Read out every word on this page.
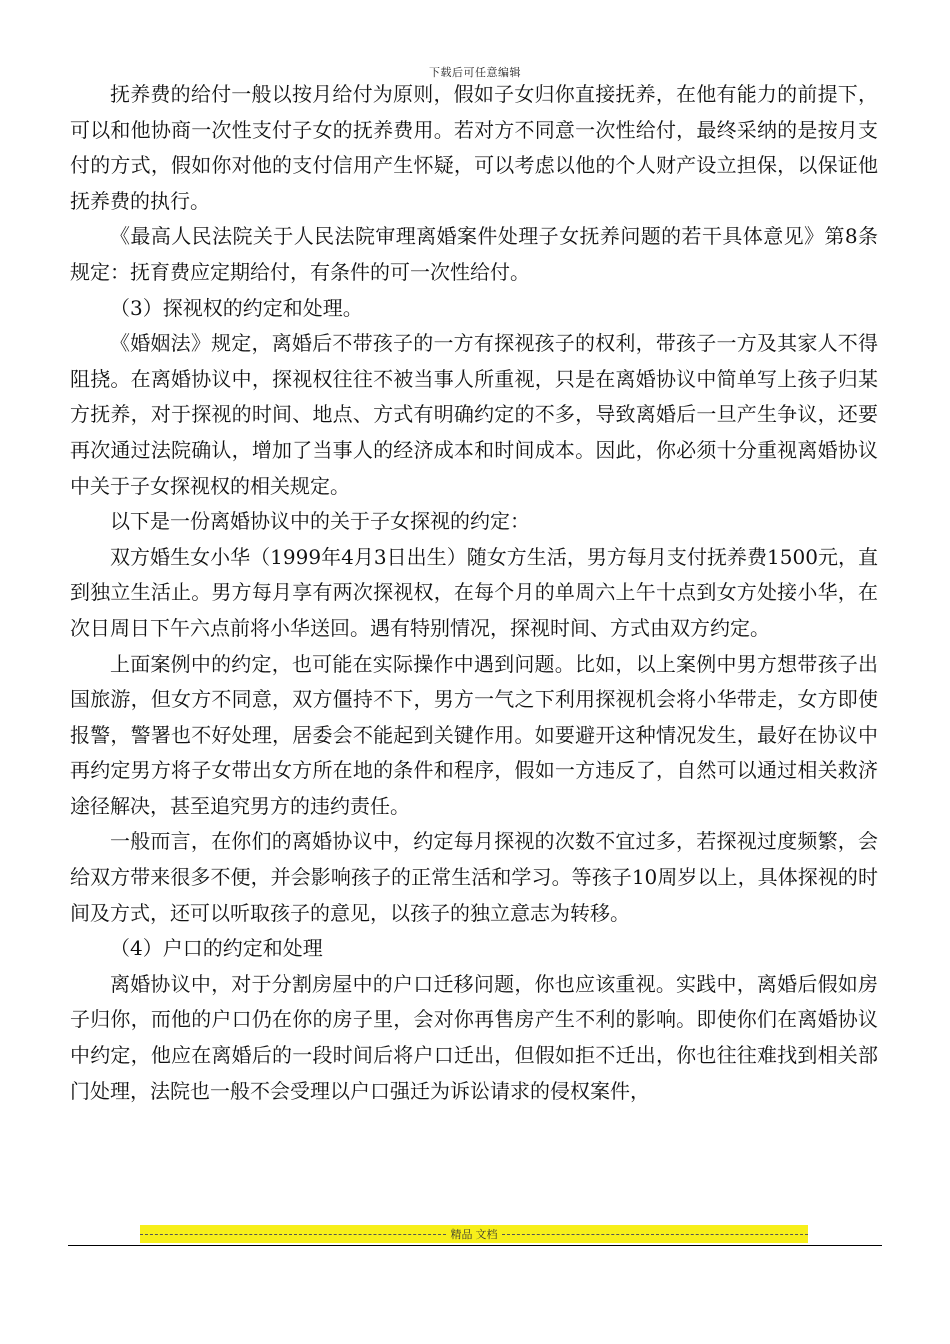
下载后可任意编辑

抚养费的给付一般以按月给付为原则，假如子女归你直接抚养，在他有能力的前提下，可以和他协商一次性支付子女的抚养费用。若对方不同意一次性给付，最终采纳的是按月支付的方式，假如你对他的支付信用产生怀疑，可以考虑以他的个人财产设立担保，以保证他抚养费的执行。

《最高人民法院关于人民法院审理离婚案件处理子女抚养问题的若干具体意见》第8条规定：抚育费应定期给付，有条件的可一次性给付。

（3）探视权的约定和处理。

《婚姻法》规定，离婚后不带孩子的一方有探视孩子的权利，带孩子一方及其家人不得阻挠。在离婚协议中，探视权往往不被当事人所重视，只是在离婚协议中简单写上孩子归某方抚养，对于探视的时间、地点、方式有明确约定的不多，导致离婚后一旦产生争议，还要再次通过法院确认，增加了当事人的经济成本和时间成本。因此，你必须十分重视离婚协议中关于子女探视权的相关规定。

以下是一份离婚协议中的关于子女探视的约定：

双方婚生女小华（1999年4月3日出生）随女方生活，男方每月支付抚养费1500元，直到独立生活止。男方每月享有两次探视权，在每个月的单周六上午十点到女方处接小华，在次日周日下午六点前将小华送回。遇有特别情况，探视时间、方式由双方约定。

上面案例中的约定，也可能在实际操作中遇到问题。比如，以上案例中男方想带孩子出国旅游，但女方不同意，双方僵持不下，男方一气之下利用探视机会将小华带走，女方即使报警，警署也不好处理，居委会不能起到关键作用。如要避开这种情况发生，最好在协议中再约定男方将子女带出女方所在地的条件和程序，假如一方违反了，自然可以通过相关救济途径解决，甚至追究男方的违约责任。

一般而言，在你们的离婚协议中，约定每月探视的次数不宜过多，若探视过度频繁，会给双方带来很多不便，并会影响孩子的正常生活和学习。等孩子10周岁以上，具体探视的时间及方式，还可以听取孩子的意见，以孩子的独立意志为转移。

（4）户口的约定和处理

离婚协议中，对于分割房屋中的户口迁移问题，你也应该重视。实践中，离婚后假如房子归你，而他的户口仍在你的房子里，会对你再售房产生不利的影响。即使你们在离婚协议中约定，他应在离婚后的一段时间后将户口迁出，但假如拒不迁出，你也往往难找到相关部门处理，法院也一般不会受理以户口强迁为诉讼请求的侵权案件，

精品 文档
